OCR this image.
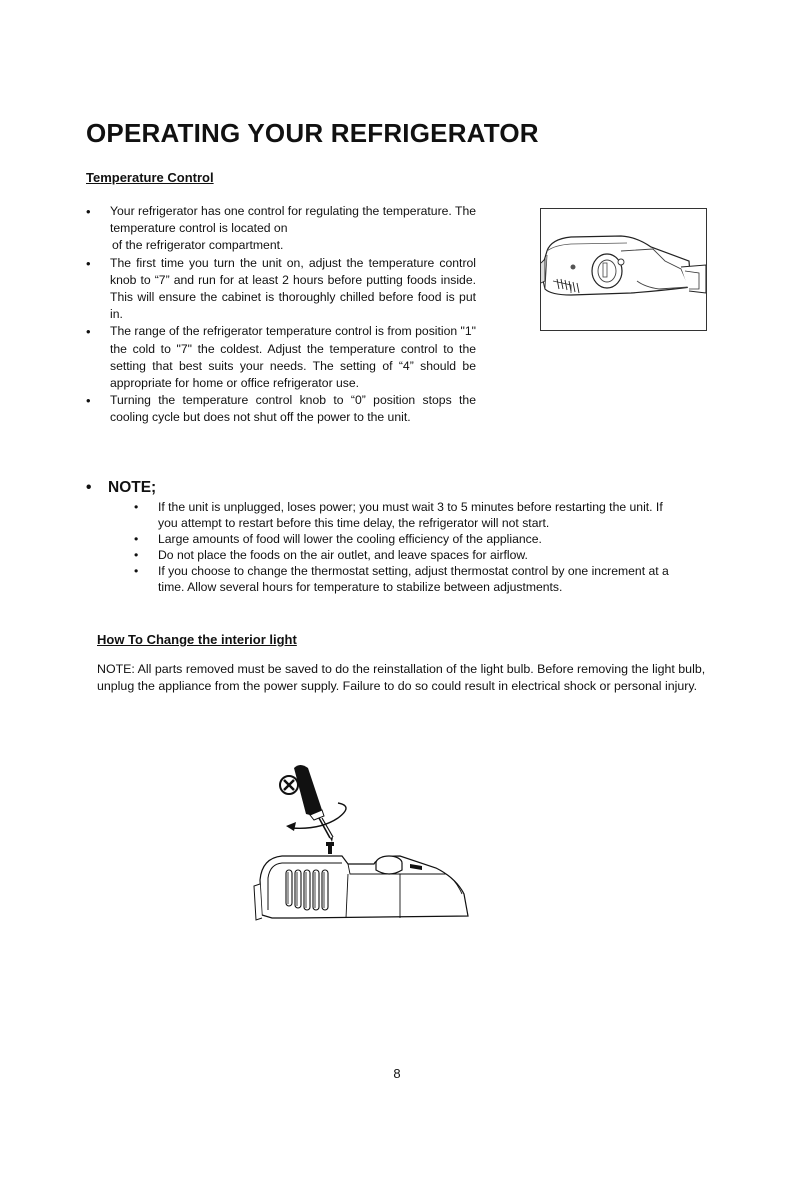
OPERATING YOUR REFRIGERATOR
Temperature Control
• Your refrigerator has one control for regulating the temperature. The temperature control is located on
of the refrigerator compartment.
• The first time you turn the unit on, adjust the temperature control knob to “7” and run for at least 2 hours before putting foods inside. This will ensure the cabinet is thoroughly chilled before food is put in.
• The range of the refrigerator temperature control is from position "1" the cold to "7" the coldest. Adjust the temperature control to the setting that best suits your needs. The setting of “4” should be appropriate for home or office refrigerator use.
• Turning the temperature control knob to “0” position stops the cooling cycle but does not shut off the power to the unit.
• NOTE;
• If the unit is unplugged, loses power; you must wait 3 to 5 minutes before restarting the unit. If you attempt to restart before this time delay, the refrigerator will not start.
• Large amounts of food will lower the cooling efficiency of the appliance.
• Do not place the foods on the air outlet, and leave spaces for airflow.
• If you choose to change the thermostat setting, adjust thermostat control by one increment at a time. Allow several hours for temperature to stabilize between adjustments.
How To Change the interior light
NOTE: All parts removed must be saved to do the reinstallation of the light bulb. Before removing the light bulb, unplug the appliance from the power supply. Failure to do so could result in electrical shock or personal injury.
8
